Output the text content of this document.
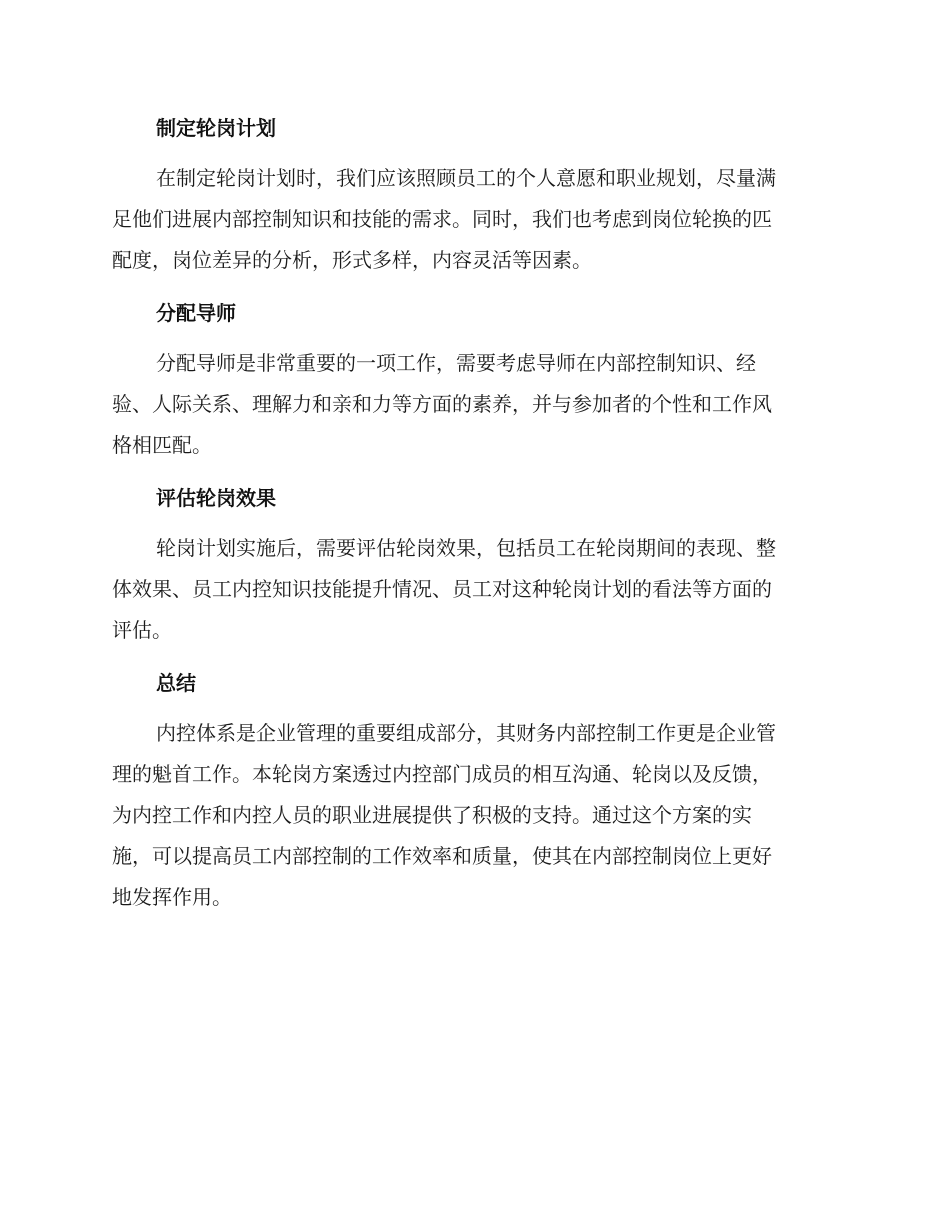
制定轮岗计划
在制定轮岗计划时，我们应该照顾员工的个人意愿和职业规划，尽量满
足他们进展内部控制知识和技能的需求。同时，我们也考虑到岗位轮换的匹
配度，岗位差异的分析，形式多样，内容灵活等因素。
分配导师
分配导师是非常重要的一项工作，需要考虑导师在内部控制知识、经
验、人际关系、理解力和亲和力等方面的素养，并与参加者的个性和工作风
格相匹配。
评估轮岗效果
轮岗计划实施后，需要评估轮岗效果，包括员工在轮岗期间的表现、整
体效果、员工内控知识技能提升情况、员工对这种轮岗计划的看法等方面的
评估。
总结
内控体系是企业管理的重要组成部分，其财务内部控制工作更是企业管
理的魁首工作。本轮岗方案透过内控部门成员的相互沟通、轮岗以及反馈，
为内控工作和内控人员的职业进展提供了积极的支持。通过这个方案的实
施，可以提高员工内部控制的工作效率和质量，使其在内部控制岗位上更好
地发挥作用。
